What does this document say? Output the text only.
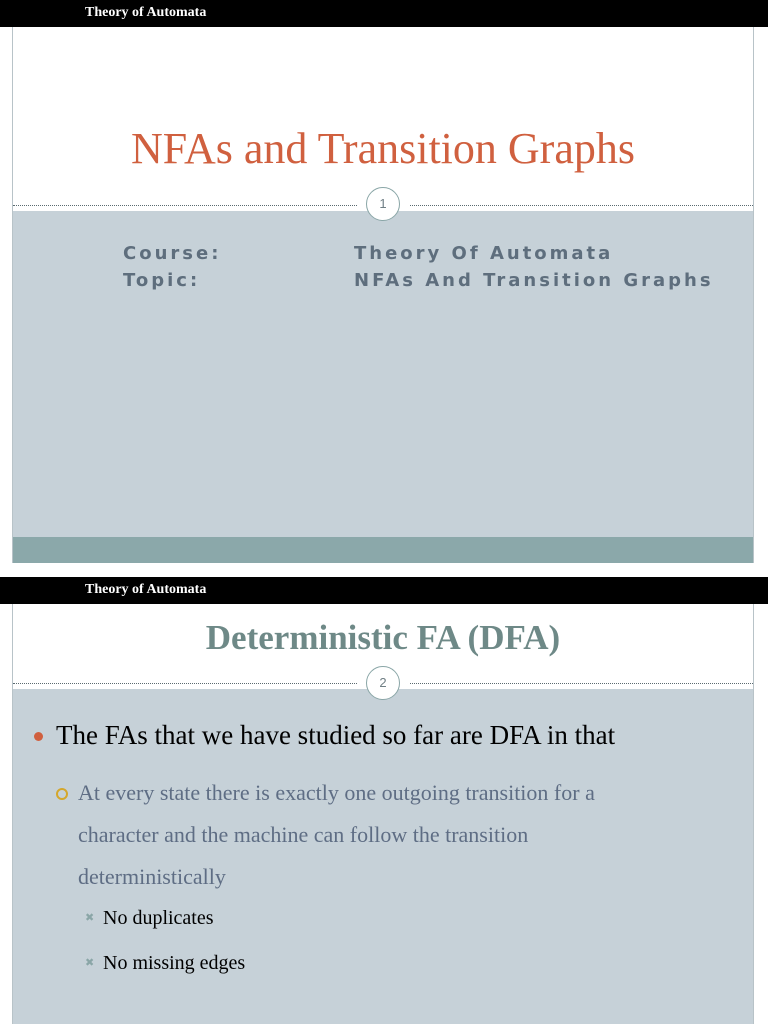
Theory of Automata
NFAs and Transition Graphs
Course:	Theory Of Automata
Topic:	NFAs And Transition Graphs
1
Theory of Automata
Deterministic FA (DFA)
2
The FAs that we have studied so far are DFA in that
At every state there is exactly one outgoing transition for a character and the machine can follow the transition deterministically
✖ No duplicates
✖ No missing edges
